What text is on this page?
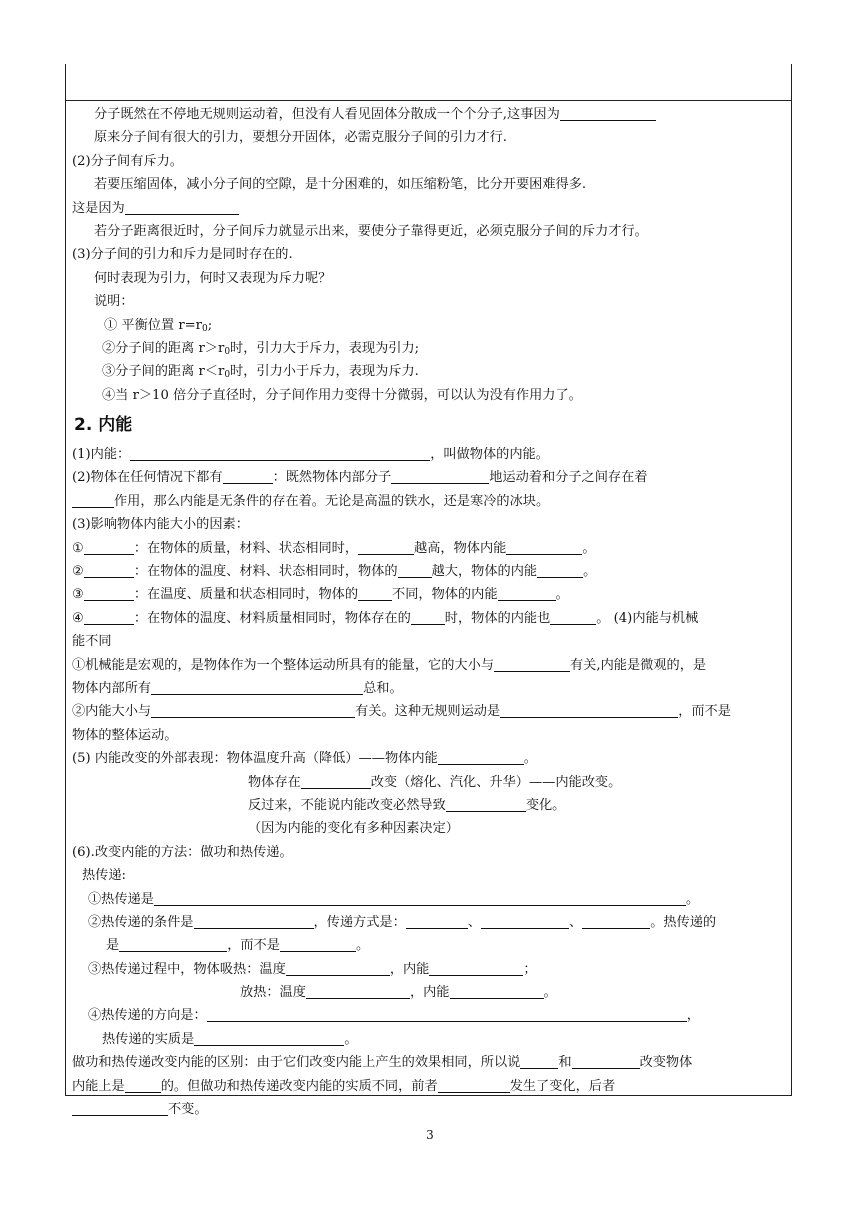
分子既然在不停地无规则运动着，但没有人看见固体分散成一个个分子,这事因为
原来分子间有很大的引力，要想分开固体，必需克服分子间的引力才行.
(2)分子间有斥力。
若要压缩固体，减小分子间的空隙，是十分困难的，如压缩粉笔，比分开要困难得多.
这是因为
若分子距离很近时，分子间斥力就显示出来，要使分子靠得更近，必须克服分子间的斥力才行。
(3)分子间的引力和斥力是同时存在的.
何时表现为引力，何时又表现为斥力呢？
说明：
① 平衡位置 $r=r_0$;
②分子间的距离 $r>r_0$时，引力大于斥力，表现为引力;
③分子间的距离 $r<r_0$时，引力小于斥力，表现为斥力.
④当 r＞10 倍分子直径时，分子间作用力变得十分微弱，可以认为没有作用力了。
2. 内能
(1)内能：	，叫做物体的内能。
(2)物体在任何情况下都有	：既然物体内部分子	地运动着和分子之间存在着
作用，那么内能是无条件的存在着。无论是高温的铁水，还是寒冷的冰块。
(3)影响物体内能大小的因素：
①	：在物体的质量，材料、状态相同时，	越高，物体内能	。
②	：在物体的温度、材料、状态相同时，物体的	越大，物体的内能	。
③	：在温度、质量和状态相同时，物体的	不同，物体的内能	。
④	：在物体的温度、材料质量相同时，物体存在的	时，物体的内能也	。 (4)内能与机械
能不同
①机械能是宏观的，是物体作为一个整体运动所具有的能量，它的大小与	有关,内能是微观的，是
物体内部所有	总和。
②内能大小与	有关。这种无规则运动是	，而不是
物体的整体运动。
(5) 内能改变的外部表现：物体温度升高（降低）——物体内能	。
物体存在	改变（熔化、汽化、升华）——内能改变。
反过来，不能说内能改变必然导致	变化。
（因为内能的变化有多种因素决定）
(6).改变内能的方法：做功和热传递。
热传递:
①热传递是	。
②热传递的条件是	，传递方式是：	、	、	。热传递的
是	，而不是	。
③热传递过程中，物体吸热：温度	，内能	；
放热：温度	，内能	。
④热传递的方向是：	，
热传递的实质是	。
做功和热传递改变内能的区别：由于它们改变内能上产生的效果相同，所以说	和	改变物体
内能上是	的。但做功和热传递改变内能的实质不同，前者	发生了变化，后者
不变。
3
